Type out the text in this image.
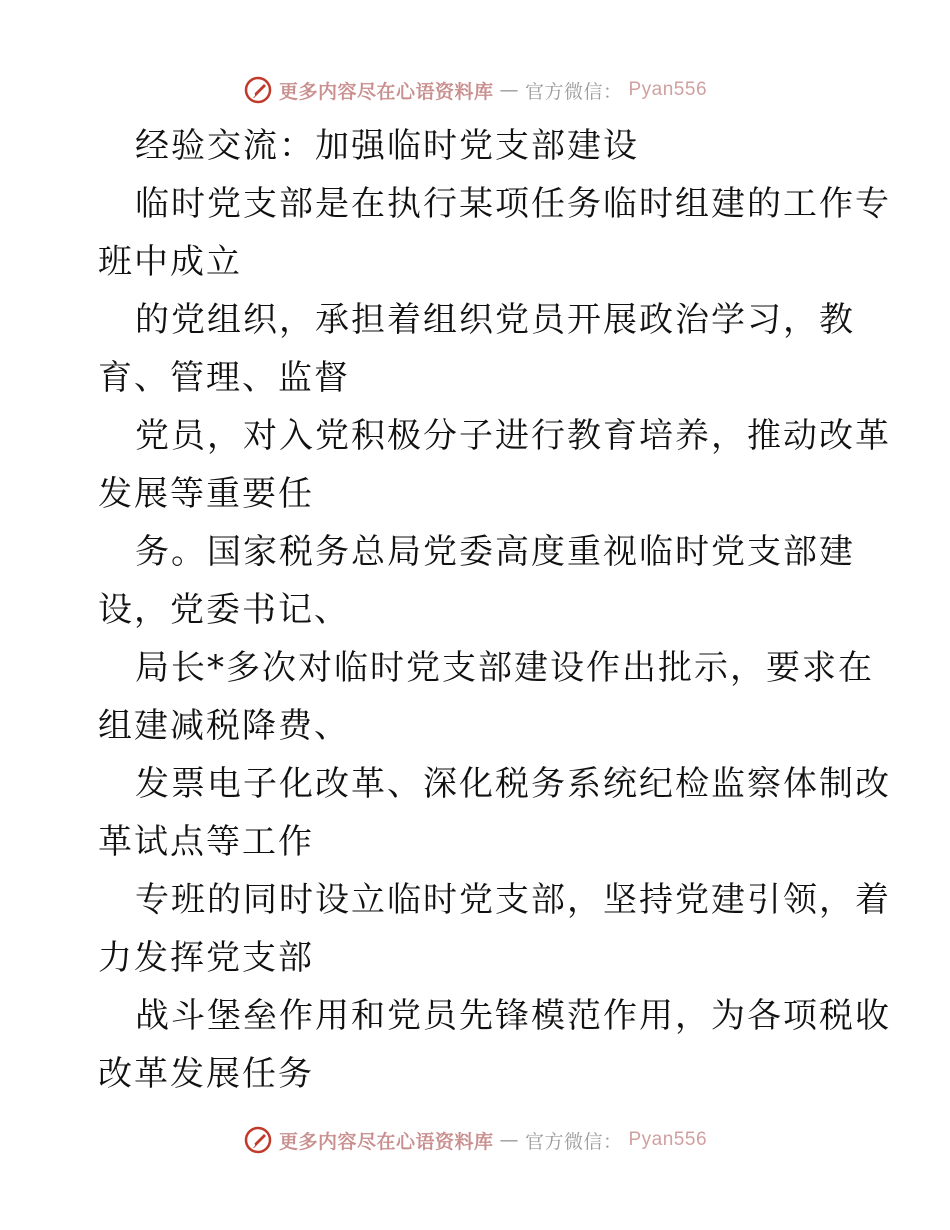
更多内容尽在心语资料库 — 官方微信： Pyan556
经验交流：加强临时党支部建设
临时党支部是在执行某项任务临时组建的工作专
班中成立
的党组织，承担着组织党员开展政治学习，教
育、管理、监督
党员，对入党积极分子进行教育培养，推动改革
发展等重要任
务。国家税务总局党委高度重视临时党支部建
设，党委书记、
局长*多次对临时党支部建设作出批示，要求在
组建减税降费、
发票电子化改革、深化税务系统纪检监察体制改
革试点等工作
专班的同时设立临时党支部，坚持党建引领，着
力发挥党支部
战斗堡垒作用和党员先锋模范作用，为各项税收
改革发展任务
更多内容尽在心语资料库 — 官方微信： Pyan556
